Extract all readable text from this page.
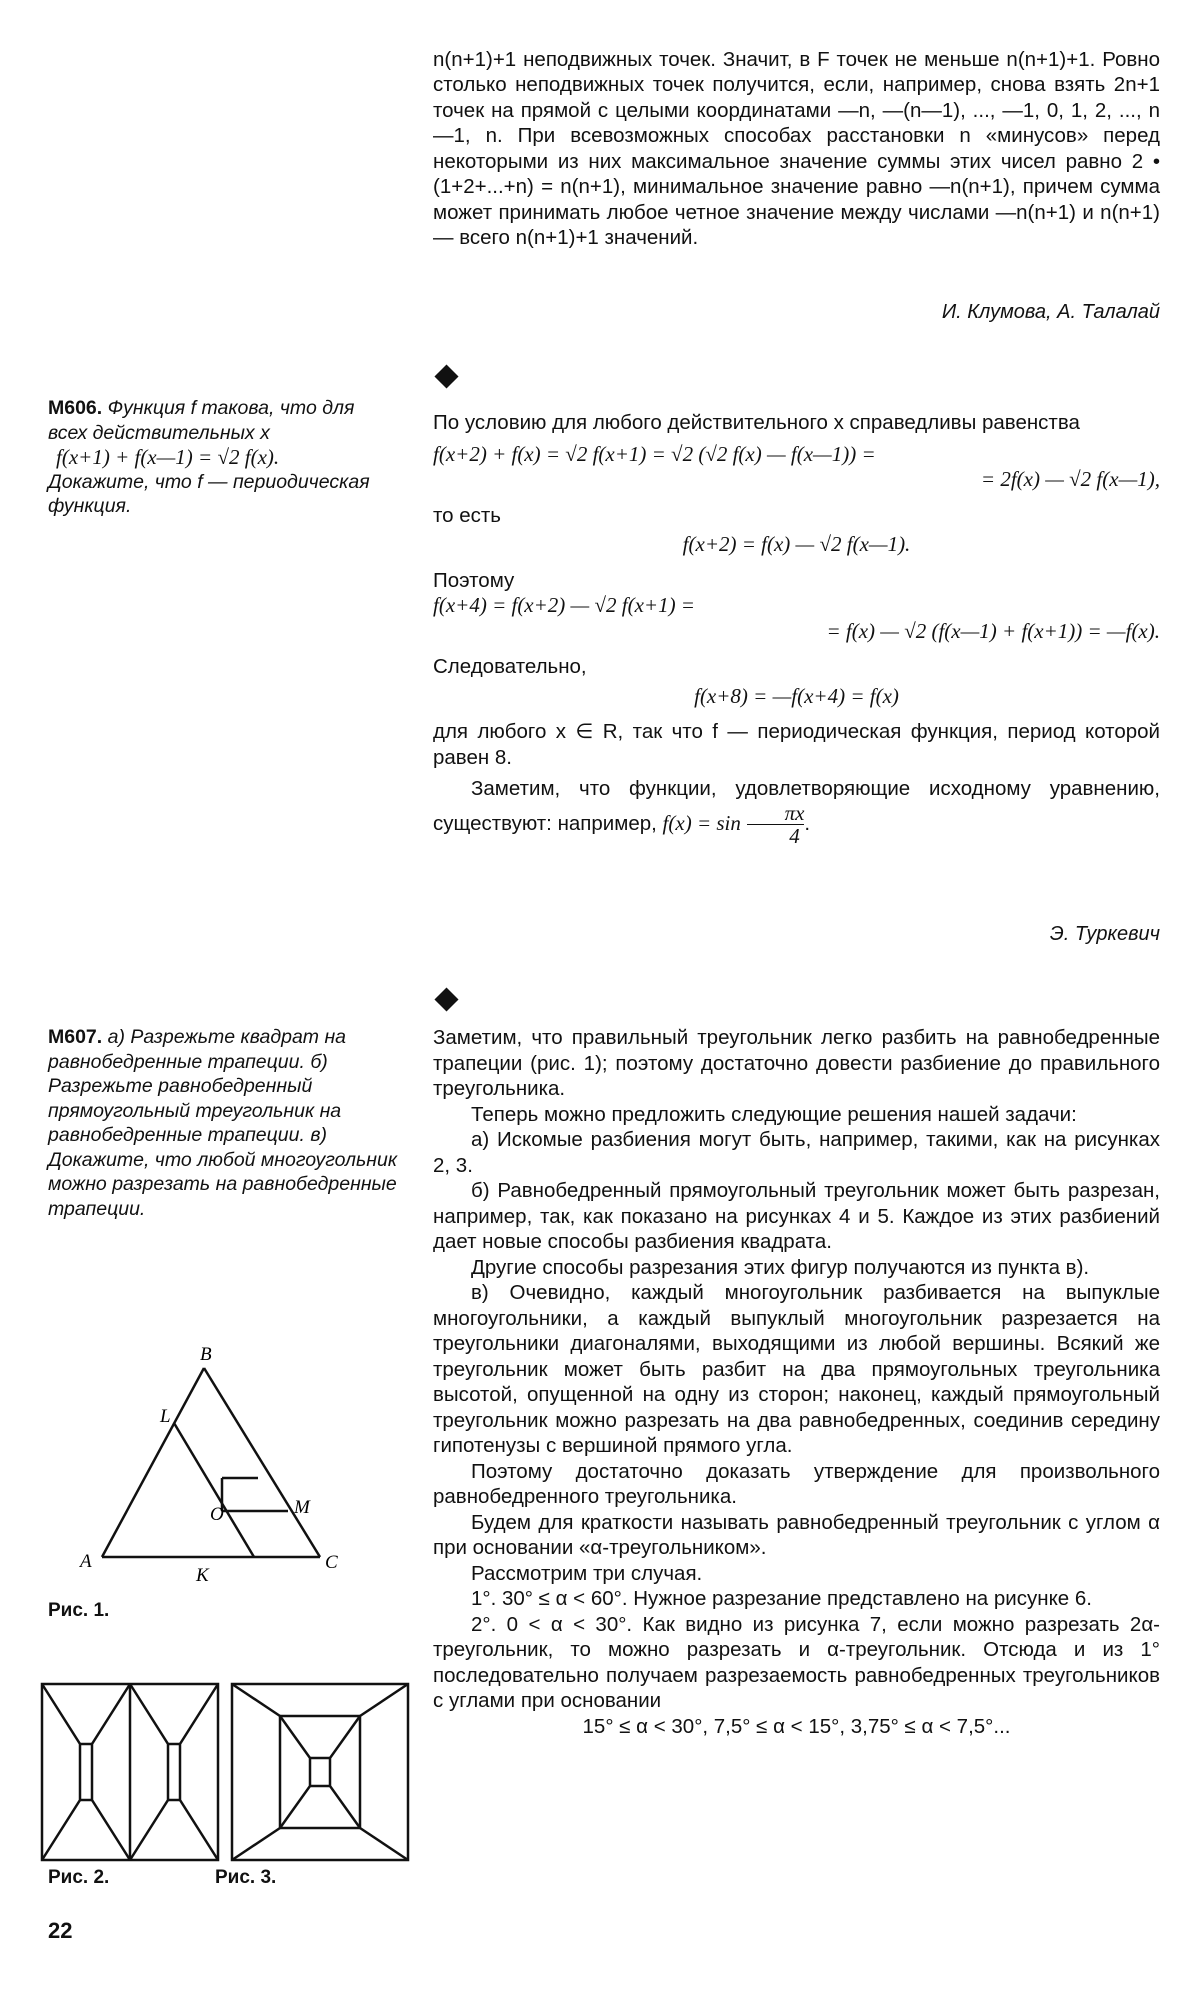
n(n+1)+1 неподвижных точек. Значит, в F точек не меньше n(n+1)+1. Ровно столько неподвижных точек получится, если, например, снова взять 2n+1 точек на прямой с целыми координатами —n, —(n—1), ..., —1, 0, 1, 2, ..., n—1, n. При всевозможных способах расстановки n «минусов» перед некоторыми из них максимальное значение суммы этих чисел равно 2 • (1+2+...+n) = n(n+1), минимальное значение равно —n(n+1), причем сумма может принимать любое четное значение между числами —n(n+1) и n(n+1) — всего n(n+1)+1 значений.

И. Клумова, А. Талалай
М606. Функция f такова, что для всех действительных x
f(x+1) + f(x—1) = √2 f(x).
Докажите, что f — периодическая функция.

По условию для любого действительного x справедливы равенства

f(x+2) + f(x) = √2 f(x+1) = √2 (√2 f(x) — f(x—1)) =
= 2f(x) — √2 f(x—1),

то есть

f(x+2) = f(x) — √2 f(x—1).

Поэтому

f(x+4) = f(x+2) — √2 f(x+1) =
= f(x) — √2 (f(x—1) + f(x+1)) = —f(x).

Следовательно,

f(x+8) = —f(x+4) = f(x)

для любого x ∈ R, так что f — периодическая функция, период которой равен 8.

Заметим, что функции, удовлетворяющие исходному уравнению, существуют: например, $f(x) = \sin \frac{\pi x}{4}$ .

Э. Туркевич
М607. а) Разрежьте квадрат на равнобедренные трапеции. б) Разрежьте равнобедренный прямоугольный треугольник на равнобедренные трапеции. в) Докажите, что любой многоугольник можно разрезать на равнобедренные трапеции.
B
L
M
O
A
K
C
Рис. 1.
Рис. 2.	Рис. 3.

Заметим, что правильный треугольник легко разбить на равнобедренные трапеции (рис. 1); поэтому достаточно довести разбиение до правильного треугольника.

Теперь можно предложить следующие решения нашей задачи:

а) Искомые разбиения могут быть, например, такими, как на рисунках 2, 3.

б) Равнобедренный прямоугольный треугольник может быть разрезан, например, так, как показано на рисунках 4 и 5. Каждое из этих разбиений дает новые способы разбиения квадрата.

Другие способы разрезания этих фигур получаются из пункта в).

в) Очевидно, каждый многоугольник разбивается на выпуклые многоугольники, а каждый выпуклый многоугольник разрезается на треугольники диагоналями, выходящими из любой вершины. Всякий же треугольник может быть разбит на два прямоугольных треугольника высотой, опущенной на одну из сторон; наконец, каждый прямоугольный треугольник можно разрезать на два равнобедренных, соединив середину гипотенузы с вершиной прямого угла.

Поэтому достаточно доказать утверждение для произвольного равнобедренного треугольника.

Будем для краткости называть равнобедренный треугольник с углом α при основании «α-треугольником».

Рассмотрим три случая.

1°. 30° ≤ α < 60°. Нужное разрезание представлено на рисунке 6.

2°. 0 < α < 30°. Как видно из рисунка 7, если можно разрезать 2α-треугольник, то можно разрезать и α-треугольник. Отсюда и из 1° последовательно получаем разрезаемость равнобедренных треугольников с углами при основании

15° ≤ α < 30°, 7,5° ≤ α < 15°, 3,75° ≤ α < 7,5°...
22
